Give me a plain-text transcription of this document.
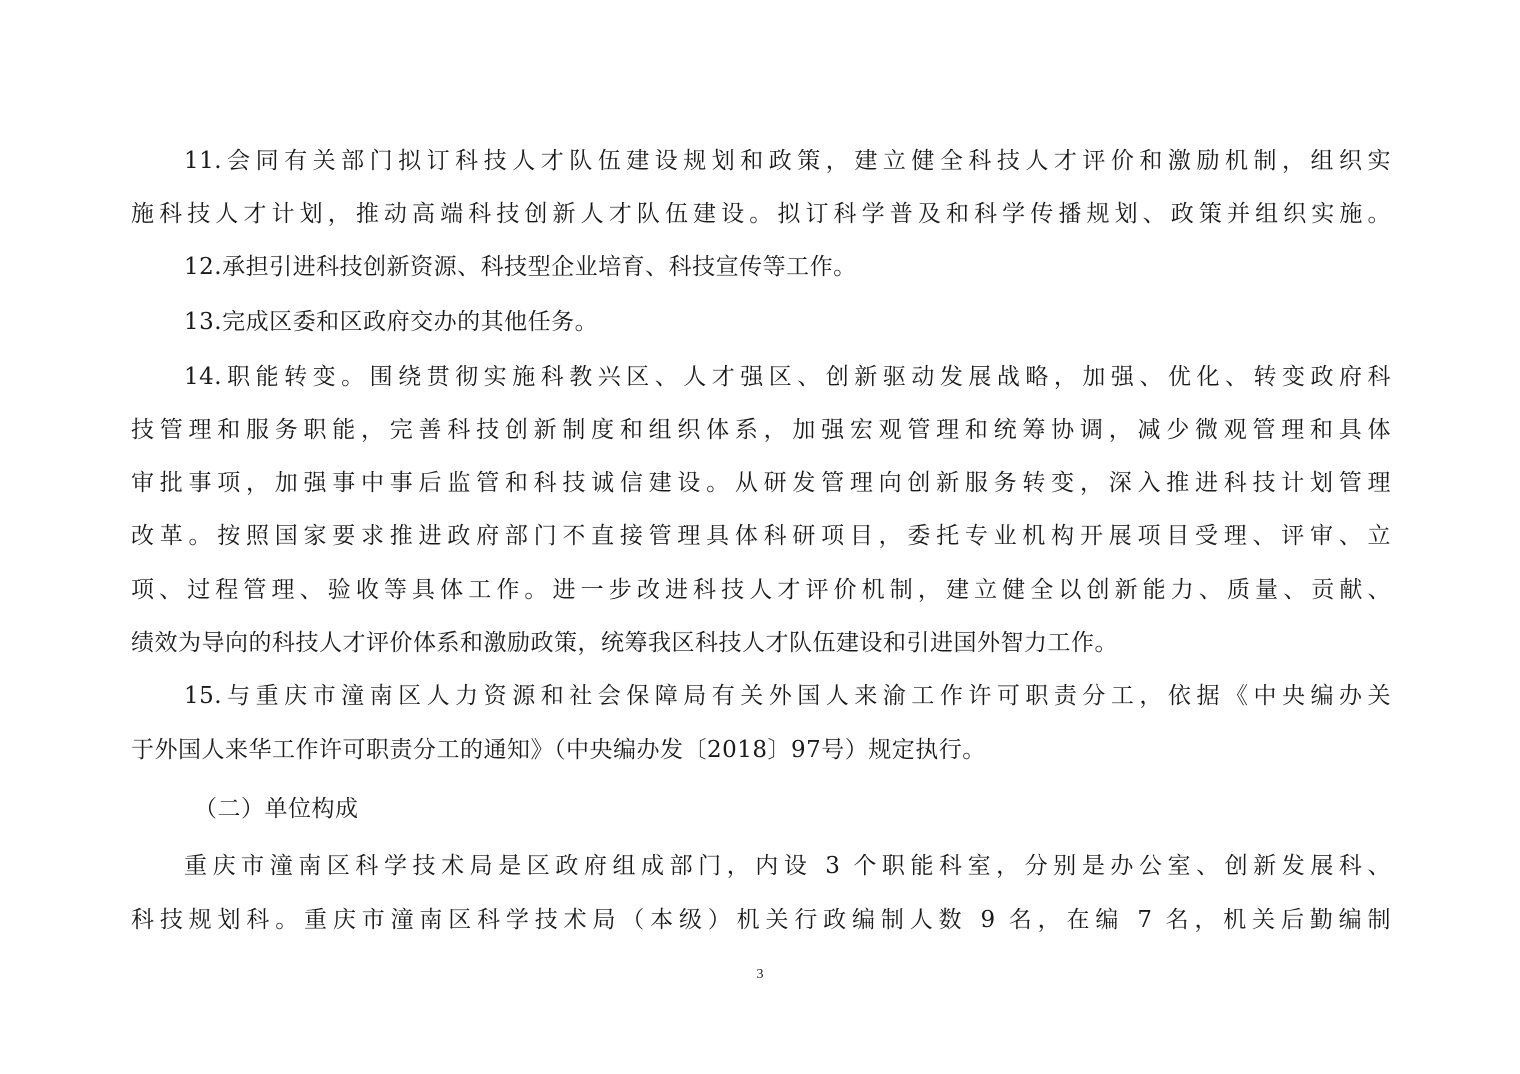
11.会同有关部门拟订科技人才队伍建设规划和政策，建立健全科技人才评价和激励机制，组织实
施科技人才计划，推动高端科技创新人才队伍建设。拟订科学普及和科学传播规划、政策并组织实施。
12.承担引进科技创新资源、科技型企业培育、科技宣传等工作。
13.完成区委和区政府交办的其他任务。
14.职能转变。围绕贯彻实施科教兴区、人才强区、创新驱动发展战略，加强、优化、转变政府科
技管理和服务职能，完善科技创新制度和组织体系，加强宏观管理和统筹协调，减少微观管理和具体
审批事项，加强事中事后监管和科技诚信建设。从研发管理向创新服务转变，深入推进科技计划管理
改革。按照国家要求推进政府部门不直接管理具体科研项目，委托专业机构开展项目受理、评审、立
项、过程管理、验收等具体工作。进一步改进科技人才评价机制，建立健全以创新能力、质量、贡献、
绩效为导向的科技人才评价体系和激励政策，统筹我区科技人才队伍建设和引进国外智力工作。
15.与重庆市潼南区人力资源和社会保障局有关外国人来渝工作许可职责分工，依据《中央编办关
于外国人来华工作许可职责分工的通知》（中央编办发〔2018〕97号）规定执行。
（二）单位构成
重庆市潼南区科学技术局是区政府组成部门，内设 3 个职能科室，分别是办公室、创新发展科、
科技规划科。重庆市潼南区科学技术局（本级）机关行政编制人数 9 名，在编 7 名，机关后勤编制
3
